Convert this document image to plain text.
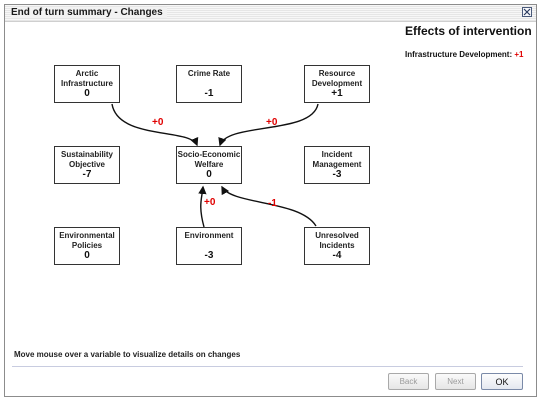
End of turn summary - Changes
Effects of intervention
Infrastructure Development: +1
+0	+0
+0	-1
Arctic
Infrastructure
0
Crime Rate
-1
Resource
Development
+1
Sustainability
Objective
-7
Socio-Economic
Welfare
0
Incident
Management
-3
Environmental
Policies
0
Environment
-3
Unresolved
Incidents
-4
Move mouse over a variable to visualize details on changes
Back	Next	OK
